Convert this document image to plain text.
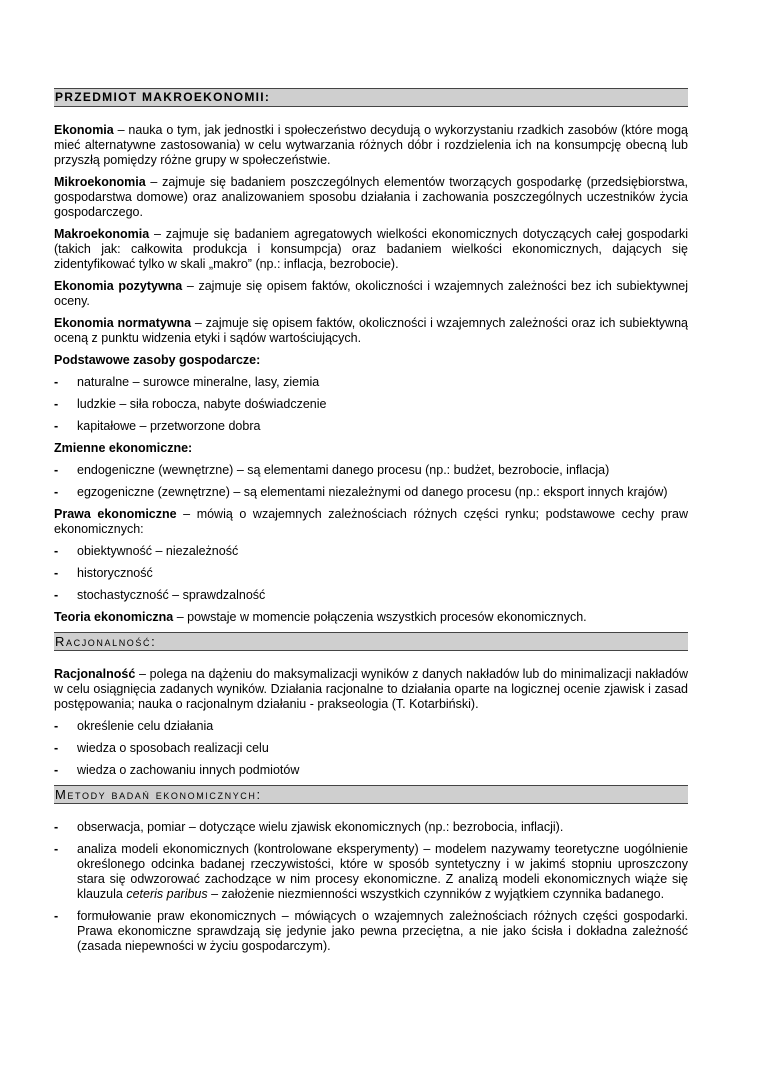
PRZEDMIOT MAKROEKONOMII:

Ekonomia – nauka o tym, jak jednostki i społeczeństwo decydują o wykorzystaniu rzadkich zasobów (które mogą mieć alternatywne zastosowania) w celu wytwarzania różnych dóbr i rozdzielenia ich na konsumpcję obecną lub przyszłą pomiędzy różne grupy w społeczeństwie.

Mikroekonomia – zajmuje się badaniem poszczególnych elementów tworzących gospodarkę (przedsiębiorstwa, gospodarstwa domowe) oraz analizowaniem sposobu działania i zachowania poszczególnych uczestników życia gospodarczego.

Makroekonomia – zajmuje się badaniem agregatowych wielkości ekonomicznych dotyczących całej gospodarki (takich jak: całkowita produkcja i konsumpcja) oraz badaniem wielkości ekonomicznych, dających się zidentyfikować tylko w skali „makro” (np.: inflacja, bezrobocie).

Ekonomia pozytywna – zajmuje się opisem faktów, okoliczności i wzajemnych zależności bez ich subiektywnej oceny.

Ekonomia normatywna – zajmuje się opisem faktów, okoliczności i wzajemnych zależności oraz ich subiektywną oceną z punktu widzenia etyki i sądów wartościujących.

Podstawowe zasoby gospodarcze:

- naturalne – surowce mineralne, lasy, ziemia
- ludzkie – siła robocza, nabyte doświadczenie
- kapitałowe – przetworzone dobra

Zmienne ekonomiczne:

- endogeniczne (wewnętrzne) – są elementami danego procesu (np.: budżet, bezrobocie, inflacja)
- egzogeniczne (zewnętrzne) – są elementami niezależnymi od danego procesu (np.: eksport innych krajów)

Prawa ekonomiczne – mówią o wzajemnych zależnościach różnych części rynku; podstawowe cechy praw ekonomicznych:

- obiektywność – niezależność
- historyczność
- stochastyczność – sprawdzalność

Teoria ekonomiczna – powstaje w momencie połączenia wszystkich procesów ekonomicznych.

Racjonalność:

Racjonalność – polega na dążeniu do maksymalizacji wyników z danych nakładów lub do minimalizacji nakładów w celu osiągnięcia zadanych wyników. Działania racjonalne to działania oparte na logicznej ocenie zjawisk i zasad postępowania; nauka o racjonalnym działaniu - prakseologia (T. Kotarbiński).

- określenie celu działania
- wiedza o sposobach realizacji celu
- wiedza o zachowaniu innych podmiotów
Metody badań ekonomicznych:
- obserwacja, pomiar – dotyczące wielu zjawisk ekonomicznych (np.: bezrobocia, inflacji).
- analiza modeli ekonomicznych (kontrolowane eksperymenty) – modelem nazywamy teoretyczne uogólnienie określonego odcinka badanej rzeczywistości, które w sposób syntetyczny i w jakimś stopniu uproszczony stara się odwzorować zachodzące w nim procesy ekonomiczne. Z analizą modeli ekonomicznych wiąże się klauzula ceteris paribus – założenie niezmienności wszystkich czynników z wyjątkiem czynnika badanego.
- formułowanie praw ekonomicznych – mówiących o wzajemnych zależnościach różnych części gospodarki. Prawa ekonomiczne sprawdzają się jedynie jako pewna przeciętna, a nie jako ścisła i dokładna zależność (zasada niepewności w życiu gospodarczym).
